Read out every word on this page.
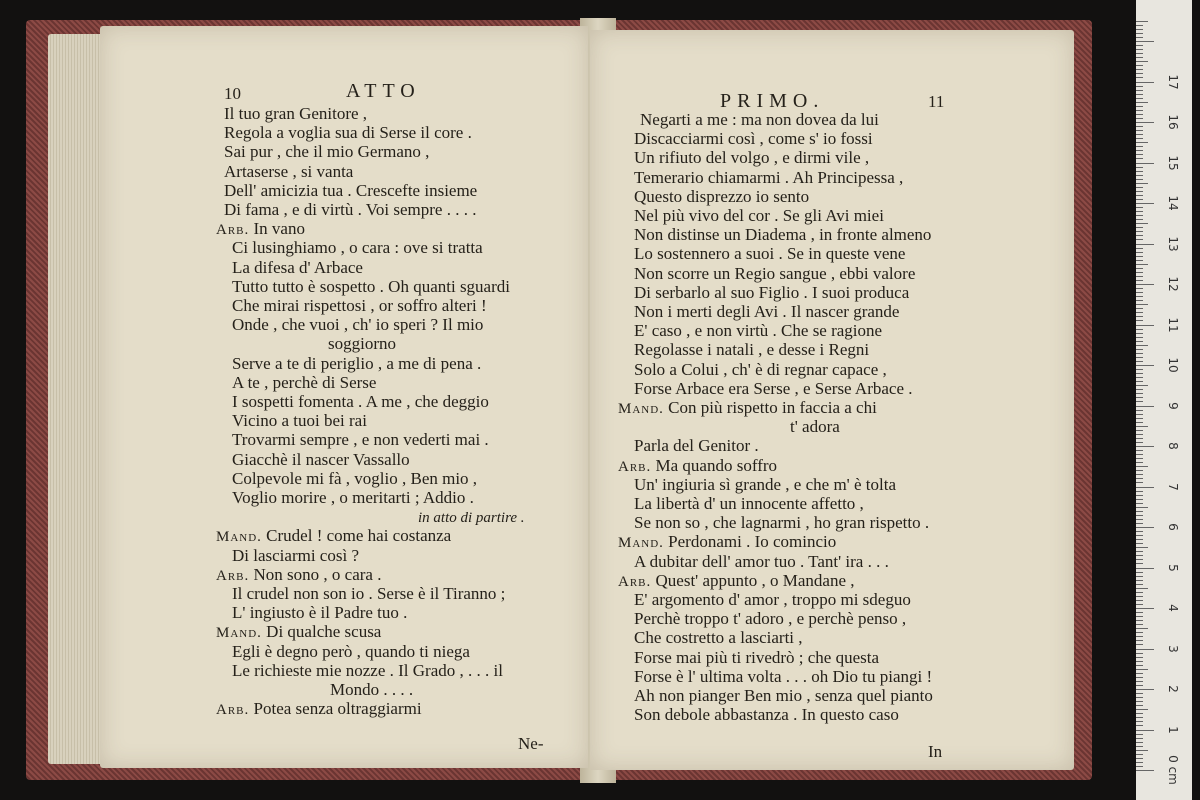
10	ATTO
Il tuo gran Genitore ,
Regola a voglia sua di Serse il core .
Sai pur , che il mio Germano ,
Artaserse , si vanta
Dell' amicizia tua . Crescefte insieme
Di fama , e di virtù . Voi sempre . . . .
Arb. In vano
Ci lusinghiamo , o cara : ove si tratta
La difesa d' Arbace
Tutto tutto è sospetto . Oh quanti sguardi
Che mirai rispettosi , or soffro alteri !
Onde , che vuoi , ch' io speri ? Il mio
soggiorno
Serve a te di periglio , a me di pena .
A te , perchè di Serse
I sospetti fomenta . A me , che deggio
Vicino a tuoi bei rai
Trovarmi sempre , e non vederti mai .
Giacchè il nascer Vassallo
Colpevole mi fà , voglio , Ben mio ,
Voglio morire , o meritarti ; Addio .
in atto di partire .
Mand. Crudel ! come hai costanza
Di lasciarmi così ?
Arb. Non sono , o cara .
Il crudel non son io . Serse è il Tiranno ;
L' ingiusto è il Padre tuo .
Mand. Di qualche scusa
Egli è degno però , quando ti niega
Le richieste mie nozze . Il Grado , . . . il
Mondo . . . .
Arb. Potea senza oltraggiarmi
Ne-
PRIMO.	11
Negarti a me : ma non dovea da lui
Discacciarmi così , come s' io fossi
Un rifiuto del volgo , e dirmi vile ,
Temerario chiamarmi . Ah Principessa ,
Questo disprezzo io sento
Nel più vivo del cor . Se gli Avi miei
Non distinse un Diadema , in fronte almeno
Lo sostennero a suoi . Se in queste vene
Non scorre un Regio sangue , ebbi valore
Di serbarlo al suo Figlio . I suoi produca
Non i merti degli Avi . Il nascer grande
E' caso , e non virtù . Che se ragione
Regolasse i natali , e desse i Regni
Solo a Colui , ch' è di regnar capace ,
Forse Arbace era Serse , e Serse Arbace .
Mand. Con più rispetto in faccia a chi
t' adora
Parla del Genitor .
Arb. Ma quando soffro
Un' ingiuria sì grande , e che m' è tolta
La libertà d' un innocente affetto ,
Se non so , che lagnarmi , ho gran rispetto .
Mand. Perdonami . Io comincio
A dubitar dell' amor tuo . Tant' ira . . .
Arb. Quest' appunto , o Mandane ,
E' argomento d' amor , troppo mi sdeguo
Perchè troppo t' adoro , e perchè penso ,
Che costretto a lasciarti ,
Forse mai più ti rivedrò ; che questa
Forse è l' ultima volta . . . oh Dio tu piangi !
Ah non pianger Ben mio , senza quel pianto
Son debole abbastanza . In questo caso
In
0 cm
1
2
3
4
5
6
7
8
9
10
11
12
13
14
15
16
17
